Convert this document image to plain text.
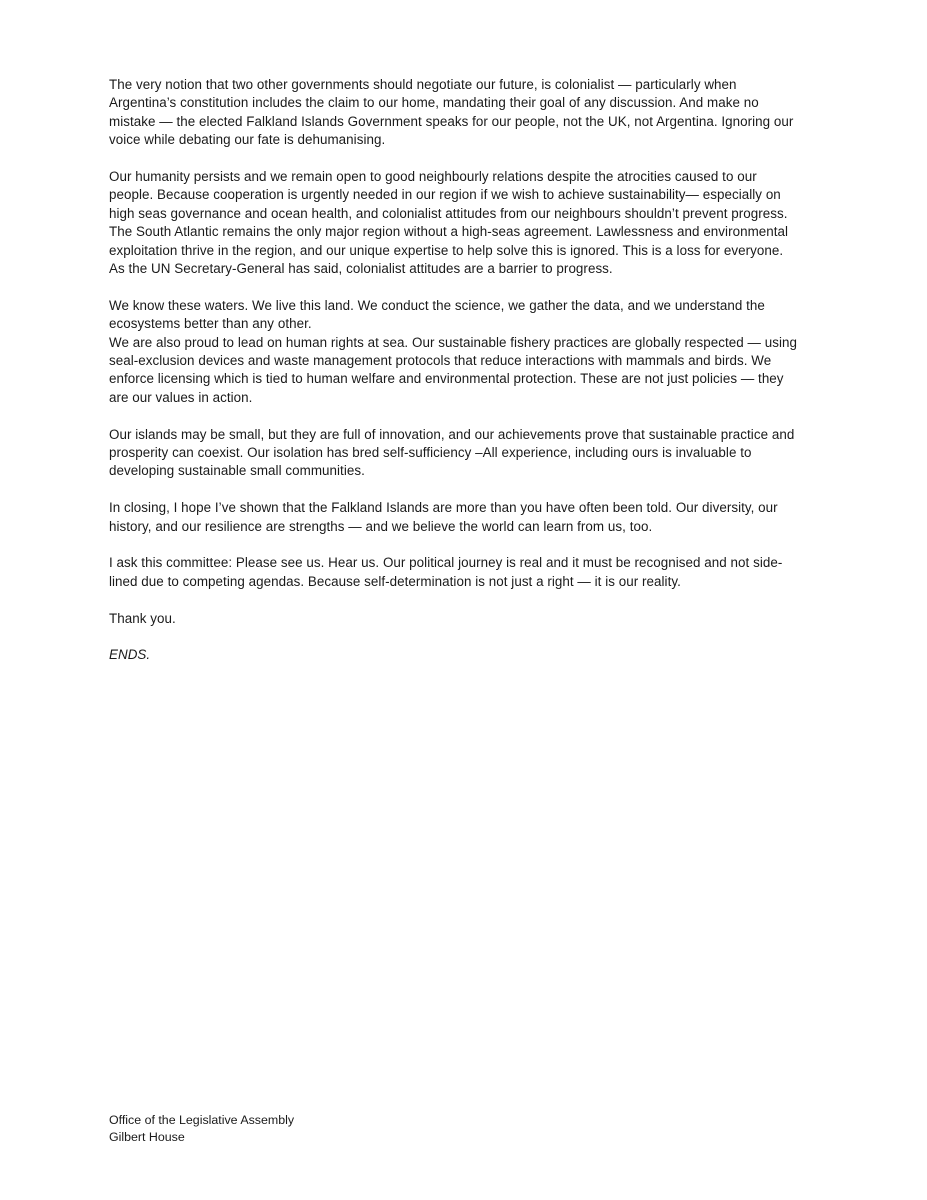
The very notion that two other governments should negotiate our future, is colonialist — particularly when
Argentina’s constitution includes the claim to our home, mandating their goal of any discussion. And make no
mistake — the elected Falkland Islands Government speaks for our people, not the UK, not Argentina. Ignoring our
voice while debating our fate is dehumanising.

Our humanity persists and we remain open to good neighbourly relations despite the atrocities caused to our
people. Because cooperation is urgently needed in our region if we wish to achieve sustainability— especially on
high seas governance and ocean health, and colonialist attitudes from our neighbours shouldn’t prevent progress.
The South Atlantic remains the only major region without a high-seas agreement. Lawlessness and environmental
exploitation thrive in the region, and our unique expertise to help solve this is ignored. This is a loss for everyone.
As the UN Secretary-General has said, colonialist attitudes are a barrier to progress.

We know these waters. We live this land. We conduct the science, we gather the data, and we understand the
ecosystems better than any other.
We are also proud to lead on human rights at sea. Our sustainable fishery practices are globally respected — using
seal-exclusion devices and waste management protocols that reduce interactions with mammals and birds. We
enforce licensing which is tied to human welfare and environmental protection. These are not just policies — they
are our values in action.

Our islands may be small, but they are full of innovation, and our achievements prove that sustainable practice and
prosperity can coexist. Our isolation has bred self-sufficiency –All experience, including ours is invaluable to
developing sustainable small communities.

In closing, I hope I’ve shown that the Falkland Islands are more than you have often been told. Our diversity, our
history, and our resilience are strengths — and we believe the world can learn from us, too.

I ask this committee: Please see us. Hear us. Our political journey is real and it must be recognised and not side-
lined due to competing agendas. Because self-determination is not just a right — it is our reality.

Thank you.

ENDS.

Office of the Legislative Assembly
Gilbert House
